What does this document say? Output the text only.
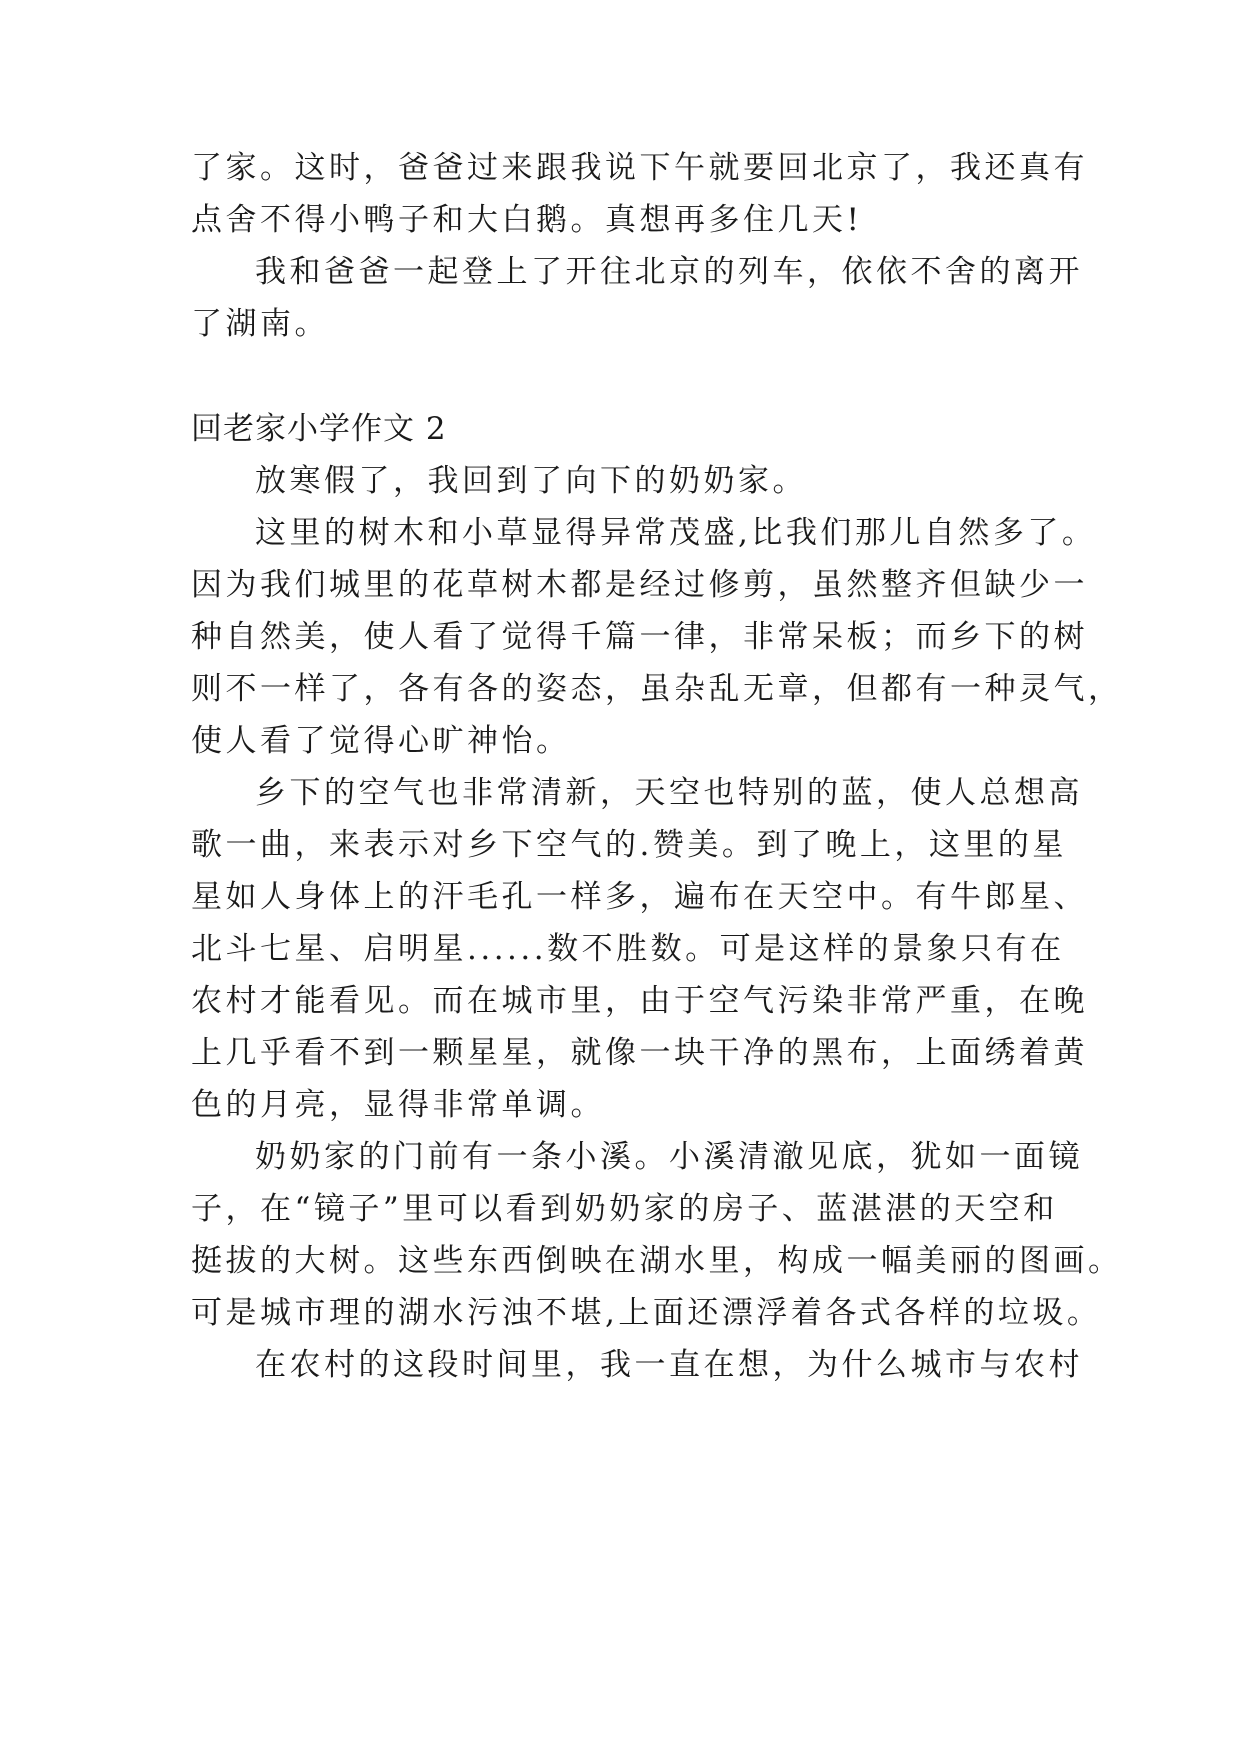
了家。这时，爸爸过来跟我说下午就要回北京了，我还真有
点舍不得小鸭子和大白鹅。真想再多住几天!
我和爸爸一起登上了开往北京的列车，依依不舍的离开
了湖南。
回老家小学作文 2
放寒假了，我回到了向下的奶奶家。
这里的树木和小草显得异常茂盛,比我们那儿自然多了。
因为我们城里的花草树木都是经过修剪，虽然整齐但缺少一
种自然美，使人看了觉得千篇一律，非常呆板；而乡下的树
则不一样了，各有各的姿态，虽杂乱无章，但都有一种灵气，
使人看了觉得心旷神怡。
乡下的空气也非常清新，天空也特别的蓝，使人总想高
歌一曲，来表示对乡下空气的.赞美。到了晚上，这里的星
星如人身体上的汗毛孔一样多，遍布在天空中。有牛郎星、
北斗七星、启明星......数不胜数。可是这样的景象只有在
农村才能看见。而在城市里，由于空气污染非常严重，在晚
上几乎看不到一颗星星，就像一块干净的黑布，上面绣着黄
色的月亮，显得非常单调。
奶奶家的门前有一条小溪。小溪清澈见底，犹如一面镜
子，在“镜子”里可以看到奶奶家的房子、蓝湛湛的天空和
挺拔的大树。这些东西倒映在湖水里，构成一幅美丽的图画。
可是城市理的湖水污浊不堪,上面还漂浮着各式各样的垃圾。
在农村的这段时间里，我一直在想，为什么城市与农村
